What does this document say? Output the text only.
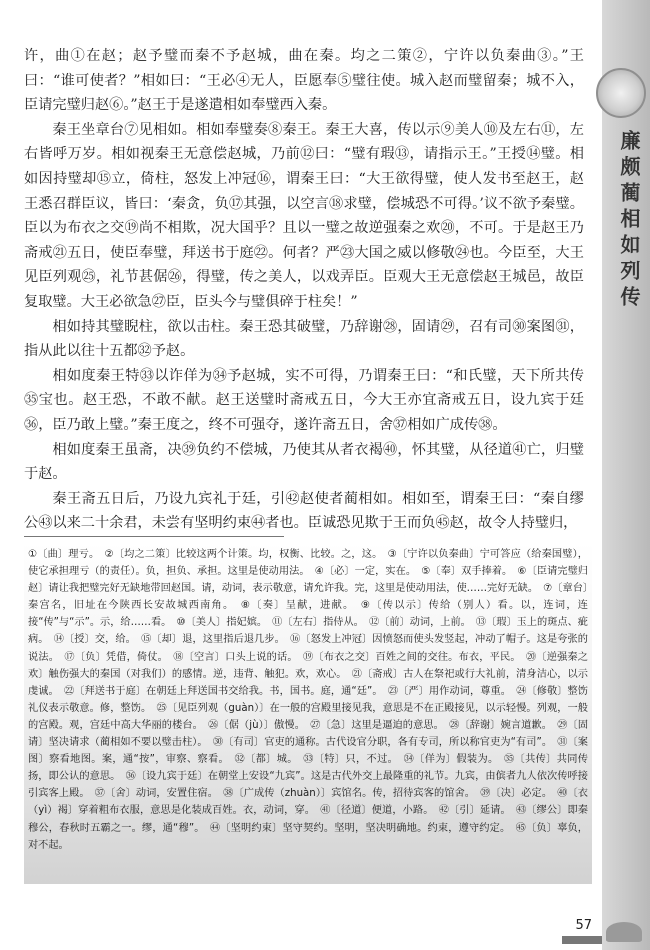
廉颇蔺相如列传

许，曲①在赵；赵予璧而秦不予赵城，曲在秦。均之二策②，宁许以负秦曲③。”王曰：“谁可使者？”相如曰：“王必④无人，臣愿奉⑤璧往使。城入赵而璧留秦；城不入，臣请完璧归赵⑥。”赵王于是遂遣相如奉璧西入秦。

秦王坐章台⑦见相如。相如奉璧奏⑧秦王。秦王大喜，传以示⑨美人⑩及左右⑪，左右皆呼万岁。相如视秦王无意偿赵城，乃前⑫曰：“璧有瑕⑬，请指示王。”王授⑭璧。相如因持璧却⑮立，倚柱，怒发上冲冠⑯，谓秦王曰：“大王欲得璧，使人发书至赵王，赵王悉召群臣议，皆曰：‘秦贪，负⑰其强，以空言⑱求璧，偿城恐不可得。’议不欲予秦璧。臣以为布衣之交⑲尚不相欺，况大国乎？且以一璧之故逆强秦之欢⑳，不可。于是赵王乃斋戒㉑五日，使臣奉璧，拜送书于庭㉒。何者？严㉓大国之威以修敬㉔也。今臣至，大王见臣列观㉕，礼节甚倨㉖，得璧，传之美人，以戏弄臣。臣观大王无意偿赵王城邑，故臣复取璧。大王必欲急㉗臣，臣头今与璧俱碎于柱矣！”

相如持其璧睨柱，欲以击柱。秦王恐其破璧，乃辞谢㉘，固请㉙，召有司㉚案图㉛，指从此以往十五都㉜予赵。

相如度秦王特㉝以诈佯为㉞予赵城，实不可得，乃谓秦王曰：“和氏璧，天下所共传㉟宝也。赵王恐，不敢不献。赵王送璧时斋戒五日，今大王亦宜斋戒五日，设九宾于廷㊱，臣乃敢上璧。”秦王度之，终不可强夺，遂许斋五日，舍㊲相如广成传㊳。

相如度秦王虽斋，决㊴负约不偿城，乃使其从者衣褐㊵，怀其璧，从径道㊶亡，归璧于赵。

秦王斋五日后，乃设九宾礼于廷，引㊷赵使者蔺相如。相如至，谓秦王曰：“秦自缪公㊸以来二十余君，未尝有坚明约束㊹者也。臣诚恐见欺于王而负㊺赵，故令人持璧归，

①〔曲〕理亏。　②〔均之二策〕比较这两个计策。均，权衡、比较。之，这。　③〔宁许以负秦曲〕宁可答应（给秦国璧），使它承担理亏（的责任）。负，担负、承担。这里是使动用法。　④〔必〕一定，实在。　⑤〔奉〕双手捧着。　⑥〔臣请完璧归赵〕请让我把璧完好无缺地带回赵国。请，动词，表示敬意，请允许我。完，这里是使动用法，使……完好无缺。　⑦〔章台〕秦宫名，旧址在今陕西长安故城西南角。　⑧〔奏〕呈献，进献。　⑨〔传以示〕传给（别人）看。以，连词，连接“传”与“示”。示，给……看。　⑩〔美人〕指妃嫔。　⑪〔左右〕指侍从。　⑫〔前〕动词，上前。　⑬〔瑕〕玉上的斑点、疵病。　⑭〔授〕交，给。　⑮〔却〕退，这里指后退几步。　⑯〔怒发上冲冠〕因愤怒而使头发竖起，冲动了帽子。这是夸张的说法。　⑰〔负〕凭借，倚仗。　⑱〔空言〕口头上说的话。　⑲〔布衣之交〕百姓之间的交往。布衣，平民。　⑳〔逆强秦之欢〕触伤强大的秦国（对我们）的感情。逆，违背、触犯。欢，欢心。　㉑〔斋戒〕古人在祭祀或行大礼前，清身洁心，以示虔诚。　㉒〔拜送书于庭〕在朝廷上拜送国书交给我。书，国书。庭，通“廷”。　㉓〔严〕用作动词，尊重。　㉔〔修敬〕整饬礼仪表示敬意。修，整饬。　㉕〔见臣列观（guàn）〕在一般的宫殿里接见我，意思是不在正殿接见，以示轻慢。列观，一般的宫殿。观，宫廷中高大华丽的楼台。　㉖〔倨（jù）〕傲慢。　㉗〔急〕这里是逼迫的意思。　㉘〔辞谢〕婉言道歉。　㉙〔固请〕坚决请求（蔺相如不要以璧击柱）。　㉚〔有司〕官吏的通称。古代设官分职，各有专司，所以称官吏为“有司”。　㉛〔案图〕察看地图。案，通“按”，审察、察看。　㉜〔都〕城。　㉝〔特〕只，不过。　㉞〔佯为〕假装为。　㉟〔共传〕共同传扬，即公认的意思。　㊱〔设九宾于廷〕在朝堂上安设“九宾”。这是古代外交上最隆重的礼节。九宾，由傧者九人依次传呼接引宾客上殿。　㊲〔舍〕动词，安置住宿。　㊳〔广成传（zhuàn）〕宾馆名。传，招待宾客的馆舍。　㊴〔决〕必定。　㊵〔衣（yì）褐〕穿着粗布衣服，意思是化装成百姓。衣，动词，穿。　㊶〔径道〕便道，小路。　㊷〔引〕延请。　㊸〔缪公〕即秦穆公，春秋时五霸之一。缪，通“穆”。　㊹〔坚明约束〕坚守契约。坚明，坚决明确地。约束，遵守约定。　㊺〔负〕辜负，对不起。
57
